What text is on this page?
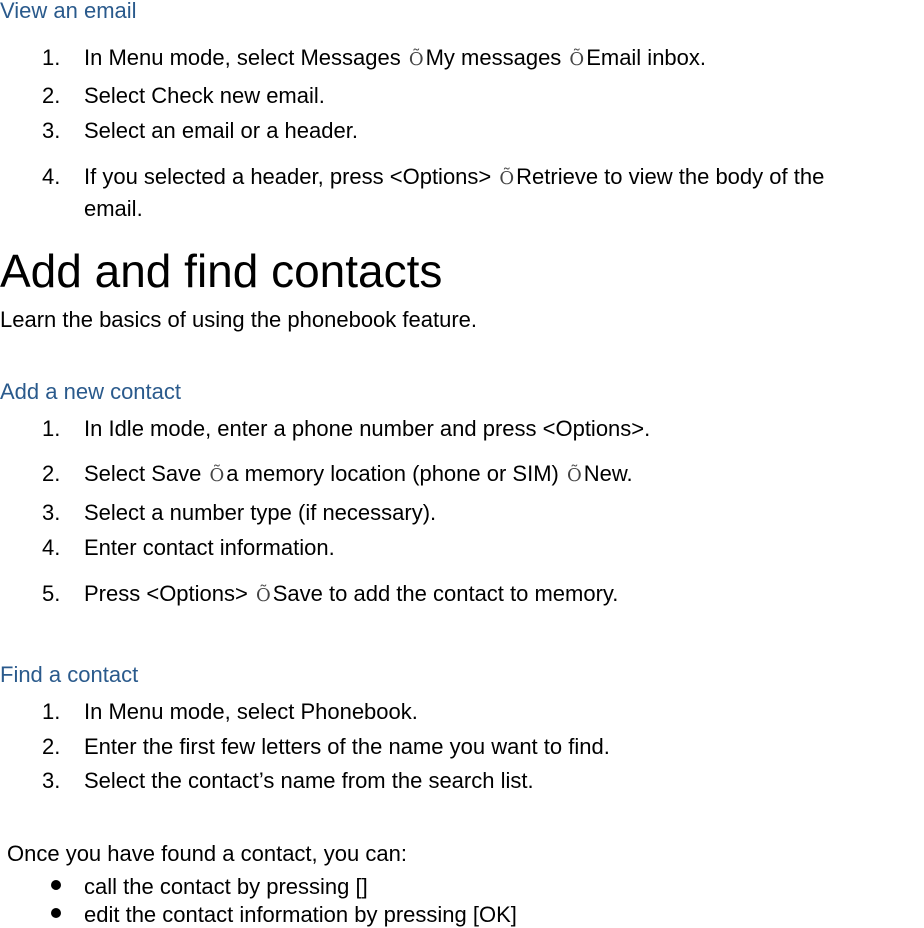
View an email
1. In Menu mode, select Messages ÕMy messages ÕEmail inbox.
2. Select Check new email.
3. Select an email or a header.
4. If you selected a header, press <Options> ÕRetrieve to view the body of the
email.
Add and find contacts
Learn the basics of using the phonebook feature.
Add a new contact
1. In Idle mode, enter a phone number and press <Options>.
2. Select Save Õa memory location (phone or SIM) ÕNew.
3. Select a number type (if necessary).
4. Enter contact information.
5. Press <Options> ÕSave to add the contact to memory.
Find a contact
1. In Menu mode, select Phonebook.
2. Enter the first few letters of the name you want to find.
3. Select the contact’s name from the search list.
Once you have found a contact, you can:
call the contact by pressing []
edit the contact information by pressing [OK]
